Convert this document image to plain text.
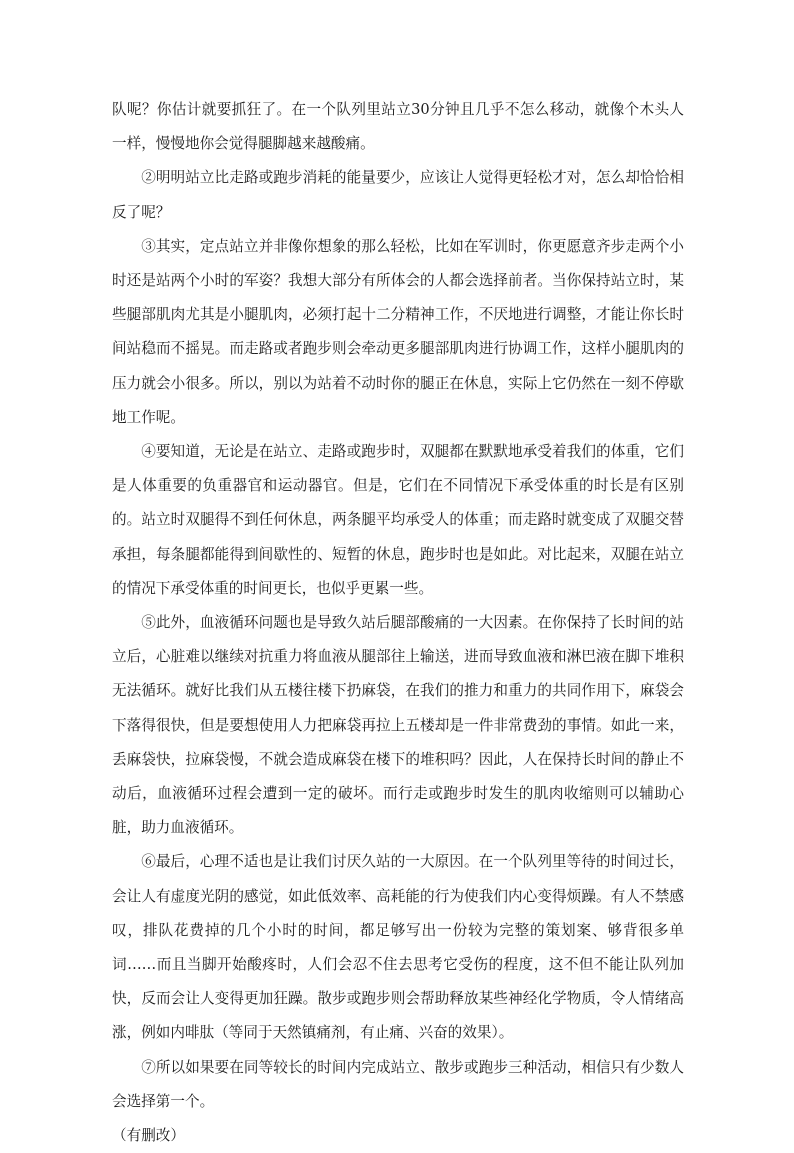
队呢？你估计就要抓狂了。在一个队列里站立30分钟且几乎不怎么移动，就像个木头人一样，慢慢地你会觉得腿脚越来越酸痛。

②明明站立比走路或跑步消耗的能量要少，应该让人觉得更轻松才对，怎么却恰恰相反了呢？

③其实，定点站立并非像你想象的那么轻松，比如在军训时，你更愿意齐步走两个小时还是站两个小时的军姿？我想大部分有所体会的人都会选择前者。当你保持站立时，某些腿部肌肉尤其是小腿肌肉，必须打起十二分精神工作，不厌地进行调整，才能让你长时间站稳而不摇晃。而走路或者跑步则会牵动更多腿部肌肉进行协调工作，这样小腿肌肉的压力就会小很多。所以，别以为站着不动时你的腿正在休息，实际上它仍然在一刻不停歇地工作呢。

④要知道，无论是在站立、走路或跑步时，双腿都在默默地承受着我们的体重，它们是人体重要的负重器官和运动器官。但是，它们在不同情况下承受体重的时长是有区别的。站立时双腿得不到任何休息，两条腿平均承受人的体重；而走路时就变成了双腿交替承担，每条腿都能得到间歇性的、短暂的休息，跑步时也是如此。对比起来，双腿在站立的情况下承受体重的时间更长，也似乎更累一些。

⑤此外，血液循环问题也是导致久站后腿部酸痛的一大因素。在你保持了长时间的站立后，心脏难以继续对抗重力将血液从腿部往上输送，进而导致血液和淋巴液在脚下堆积无法循环。就好比我们从五楼往楼下扔麻袋，在我们的推力和重力的共同作用下，麻袋会下落得很快，但是要想使用人力把麻袋再拉上五楼却是一件非常费劲的事情。如此一来，丢麻袋快，拉麻袋慢，不就会造成麻袋在楼下的堆积吗？因此，人在保持长时间的静止不动后，血液循环过程会遭到一定的破坏。而行走或跑步时发生的肌肉收缩则可以辅助心脏，助力血液循环。

⑥最后，心理不适也是让我们讨厌久站的一大原因。在一个队列里等待的时间过长，会让人有虚度光阴的感觉，如此低效率、高耗能的行为使我们内心变得烦躁。有人不禁感叹，排队花费掉的几个小时的时间，都足够写出一份较为完整的策划案、够背很多单词……而且当脚开始酸疼时，人们会忍不住去思考它受伤的程度，这不但不能让队列加快，反而会让人变得更加狂躁。散步或跑步则会帮助释放某些神经化学物质，令人情绪高涨，例如内啡肽（等同于天然镇痛剂，有止痛、兴奋的效果）。

⑦所以如果要在同等较长的时间内完成站立、散步或跑步三种活动，相信只有少数人会选择第一个。

（有删改）
